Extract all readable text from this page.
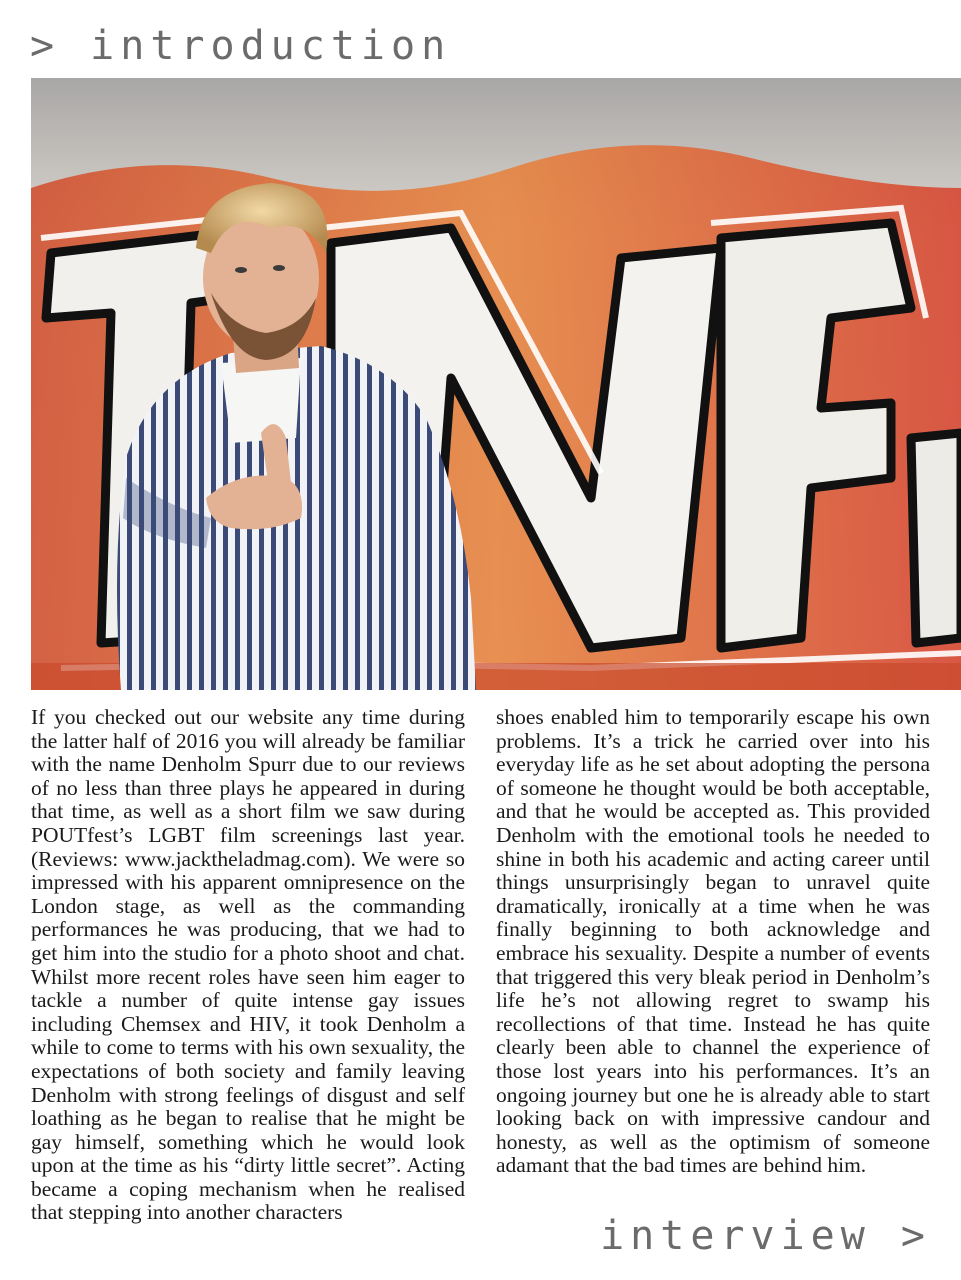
> introduction

If you checked out our website any time during the latter half of 2016 you will already be familiar with the name Denholm Spurr due to our reviews of no less than three plays he appeared in during that time, as well as a short film we saw during POUTfest’s LGBT film screenings last year. (Reviews: www.jacktheladmag.com). We were so impressed with his apparent omnipresence on the London stage, as well as the commanding performances he was producing, that we had to get him into the studio for a photo shoot and chat. Whilst more recent roles have seen him eager to tackle a number of quite intense gay issues including Chemsex and HIV, it took Denholm a while to come to terms with his own sexuality, the expectations of both society and family leaving Denholm with strong feelings of disgust and self loathing as he began to realise that he might be gay himself, something which he would look upon at the time as his “dirty little secret”. Acting became a coping mechanism when he realised that stepping into another characters

shoes enabled him to temporarily escape his own problems. It’s a trick he carried over into his everyday life as he set about adopting the persona of someone he thought would be both acceptable, and that he would be accepted as. This provided Denholm with the emotional tools he needed to shine in both his academic and acting career until things unsurprisingly began to unravel quite dramatically, ironically at a time when he was finally beginning to both acknowledge and embrace his sexuality. Despite a number of events that triggered this very bleak period in Denholm’s life he’s not allowing regret to swamp his recollections of that time. Instead he has quite clearly been able to channel the experience of those lost years into his performances. It’s an ongoing journey but one he is already able to start looking back on with impressive candour and honesty, as well as the optimism of someone adamant that the bad times are behind him.

interview >
